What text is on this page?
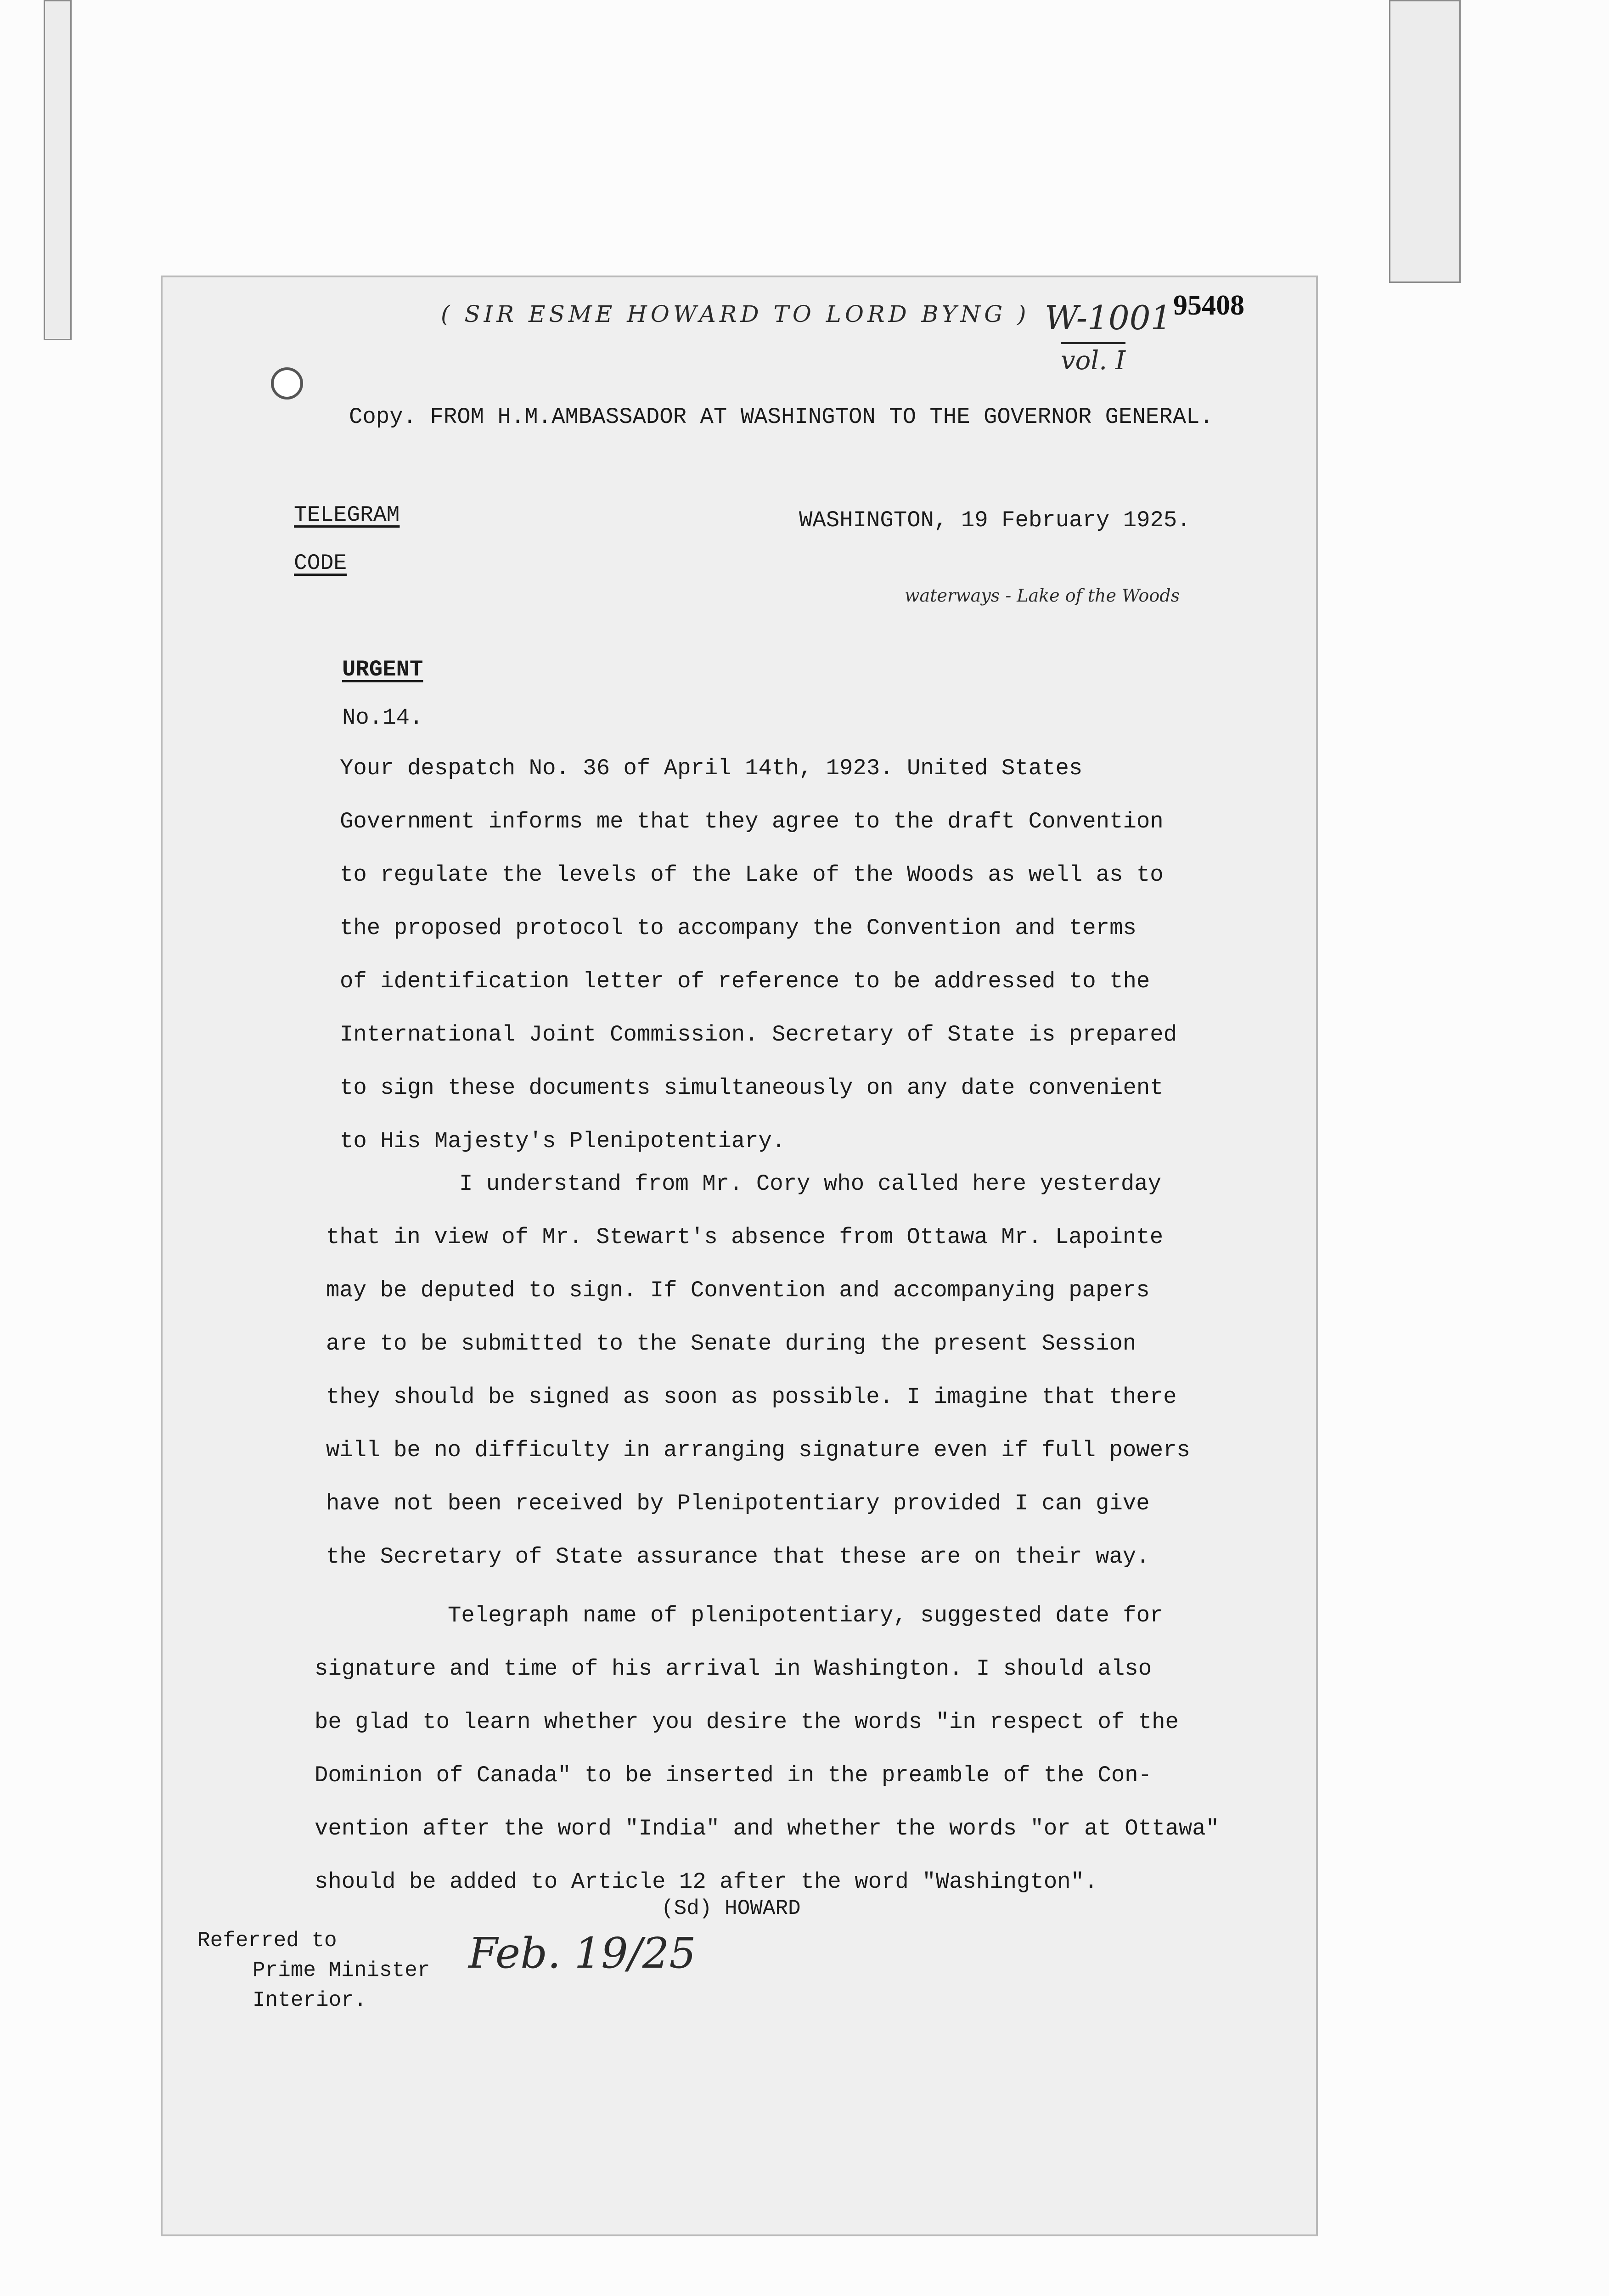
( SIR ESME HOWARD TO LORD BYNG ) W-1001
vol. I
95408
Copy. FROM H.M.AMBASSADOR AT WASHINGTON TO THE GOVERNOR GENERAL.
TELEGRAM
CODE
WASHINGTON, 19 February 1925.
waterways - Lake of the Woods
URGENT
No.14.
Your despatch No. 36 of April 14th, 1923. United States
Government informs me that they agree to the draft Convention
to regulate the levels of the Lake of the Woods as well as to
the proposed protocol to accompany the Convention and terms
of identification letter of reference to be addressed to the
International Joint Commission. Secretary of State is prepared
to sign these documents simultaneously on any date convenient
to His Majesty's Plenipotentiary.
I understand from Mr. Cory who called here yesterday
that in view of Mr. Stewart's absence from Ottawa Mr. Lapointe
may be deputed to sign. If Convention and accompanying papers
are to be submitted to the Senate during the present Session
they should be signed as soon as possible. I imagine that there
will be no difficulty in arranging signature even if full powers
have not been received by Plenipotentiary provided I can give
the Secretary of State assurance that these are on their way.
Telegraph name of plenipotentiary, suggested date for
signature and time of his arrival in Washington. I should also
be glad to learn whether you desire the words "in respect of the
Dominion of Canada" to be inserted in the preamble of the Con-
vention after the word "India" and whether the words "or at Ottawa"
should be added to Article 12 after the word "Washington".
(Sd) HOWARD
Referred to
Prime Minister
Interior.
Feb. 19/25
